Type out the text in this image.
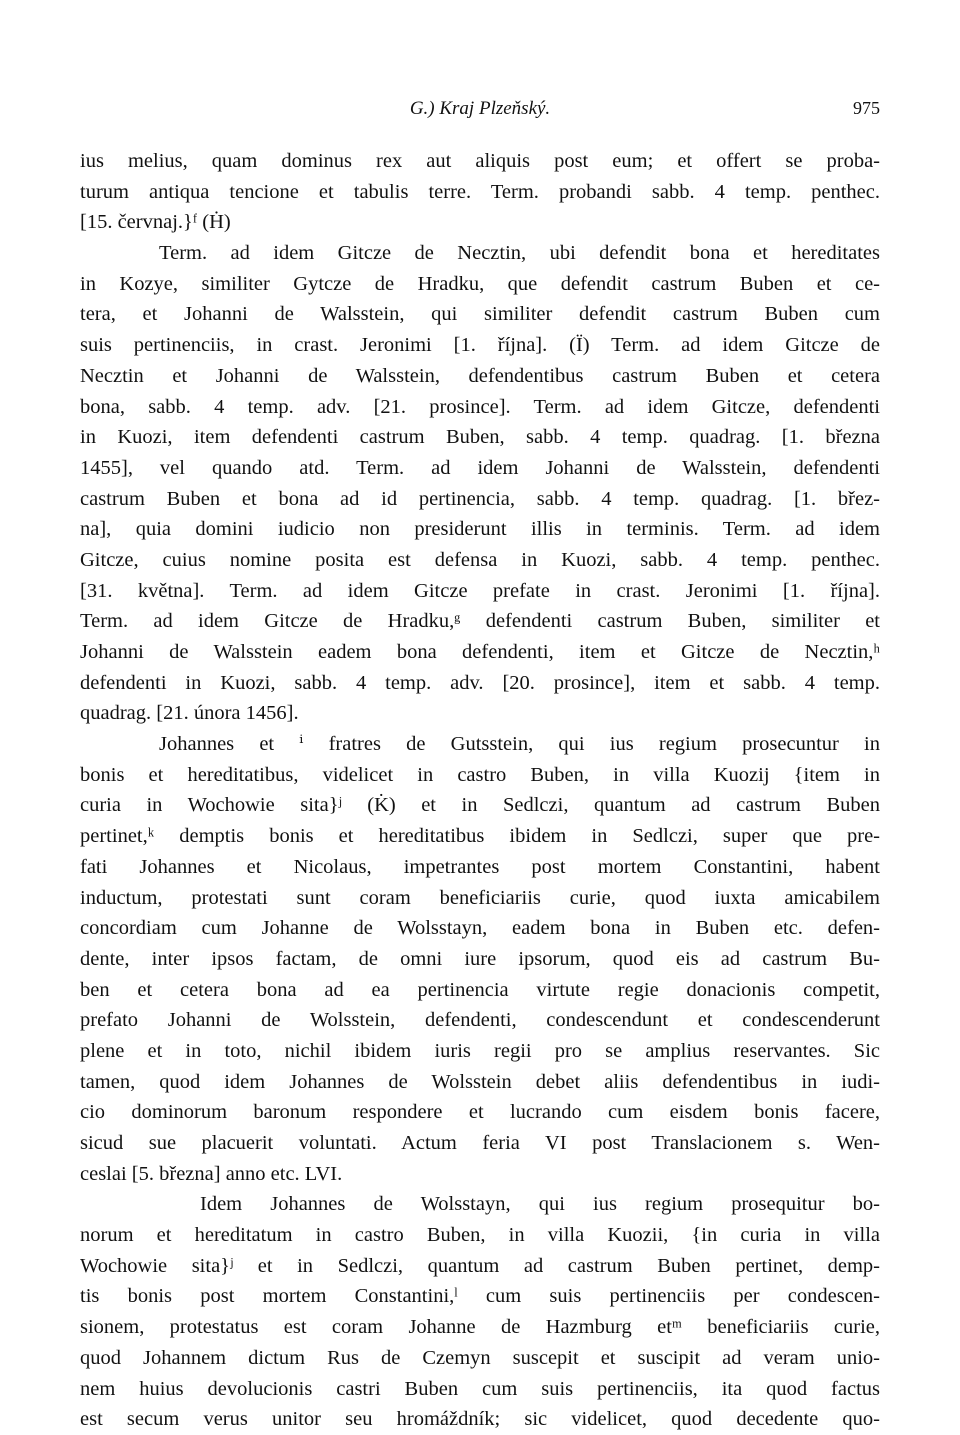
G.) Kraj Plzeňský.	975
ius melius, quam dominus rex aut aliquis post eum; et offert se proba-
turum antiqua tencione et tabulis terre. Term. probandi sabb. 4 temp. penthec.
[15. červnaj.}ᶠ (Ḣ)
Term. ad idem Gitcze de Necztin, ubi defendit bona et hereditates
in Kozye, similiter Gytcze de Hradku, que defendit castrum Buben et ce-
tera, et Johanni de Walsstein, qui similiter defendit castrum Buben cum
suis pertinenciis, in crast. Jeronimi [1. října]. (Ï) Term. ad idem Gitcze de
Necztin et Johanni de Walsstein, defendentibus castrum Buben et cetera
bona, sabb. 4 temp. adv. [21. prosince]. Term. ad idem Gitcze, defendenti
in Kuozi, item defendenti castrum Buben, sabb. 4 temp. quadrag. [1. března
1455], vel quando atd. Term. ad idem Johanni de Walsstein, defendenti
castrum Buben et bona ad id pertinencia, sabb. 4 temp. quadrag. [1. břez-
na], quia domini iudicio non presiderunt illis in terminis. Term. ad idem
Gitcze, cuius nomine posita est defensa in Kuozi, sabb. 4 temp. penthec.
[31. května]. Term. ad idem Gitcze prefate in crast. Jeronimi [1. října].
Term. ad idem Gitcze de Hradku,ᵍ defendenti castrum Buben, similiter et
Johanni de Walsstein eadem bona defendenti, item et Gitcze de Necztin,ʰ
defendenti in Kuozi, sabb. 4 temp. adv. [20. prosince], item et sabb. 4 temp.
quadrag. [21. února 1456].
Johannes et ⁱ fratres de Gutsstein, qui ius regium prosecuntur in
bonis et hereditatibus, videlicet in castro Buben, in villa Kuozij {item in
curia in Wochowie sita}ʲ (K̇) et in Sedlczi, quantum ad castrum Buben
pertinet,ᵏ demptis bonis et hereditatibus ibidem in Sedlczi, super que pre-
fati Johannes et Nicolaus, impetrantes post mortem Constantini, habent
inductum, protestati sunt coram beneficiariis curie, quod iuxta amicabilem
concordiam cum Johanne de Wolsstayn, eadem bona in Buben etc. defen-
dente, inter ipsos factam, de omni iure ipsorum, quod eis ad castrum Bu-
ben et cetera bona ad ea pertinencia virtute regie donacionis competit,
prefato Johanni de Wolsstein, defendenti, condescendunt et condescenderunt
plene et in toto, nichil ibidem iuris regii pro se amplius reservantes. Sic
tamen, quod idem Johannes de Wolsstein debet aliis defendentibus in iudi-
cio dominorum baronum respondere et lucrando cum eisdem bonis facere,
sicud sue placuerit voluntati. Actum feria VI post Translacionem s. Wen-
ceslai [5. března] anno etc. LVI.
Idem Johannes de Wolsstayn, qui ius regium prosequitur bo-
norum et hereditatum in castro Buben, in villa Kuozii, {in curia in villa
Wochowie sita}ʲ et in Sedlczi, quantum ad castrum Buben pertinet, demp-
tis bonis post mortem Constantini,ˡ cum suis pertinenciis per condescen-
sionem, protestatus est coram Johanne de Hazmburg etᵐ beneficiariis curie,
quod Johannem dictum Rus de Czemyn suscepit et suscipit ad veram unio-
nem huius devolucionis castri Buben cum suis pertinenciis, ita quod factus
est secum verus unitor seu hromáždník; sic videlicet, quod decedente quo-
